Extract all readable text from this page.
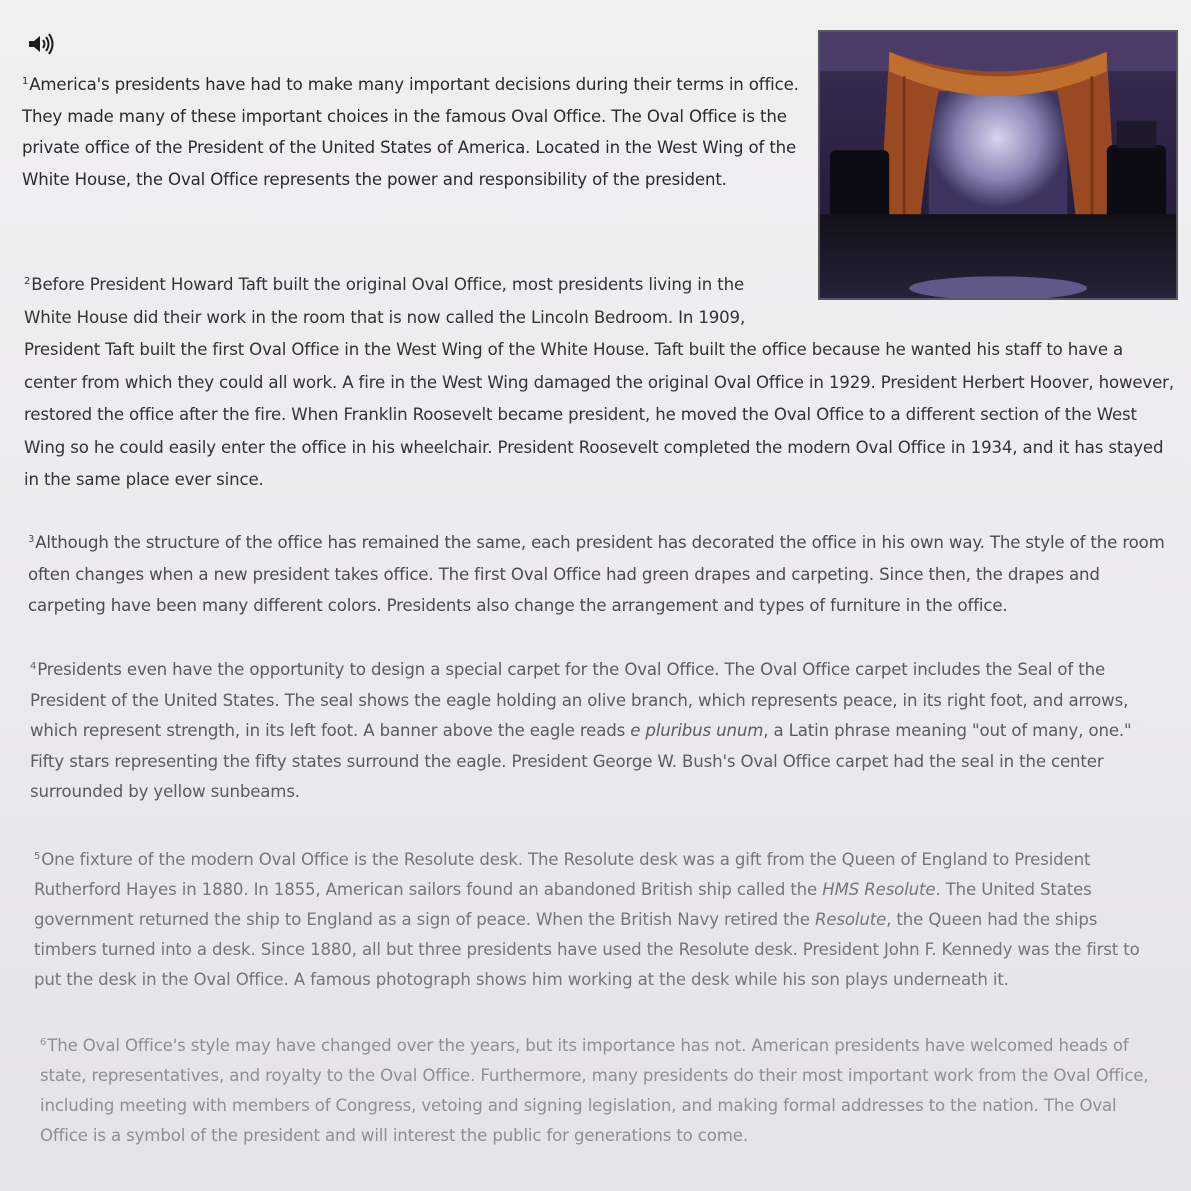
$^1$America's presidents have had to make many important decisions during their terms in office. They made many of these important choices in the famous Oval Office. The Oval Office is the private office of the President of the United States of America. Located in the West Wing of the White House, the Oval Office represents the power and responsibility of the president.

$^2$Before President Howard Taft built the original Oval Office, most presidents living in the
White House did their work in the room that is now called the Lincoln Bedroom. In 1909,
President Taft built the first Oval Office in the West Wing of the White House. Taft built the office because he wanted his staff to have a center from which they could all work. A fire in the West Wing damaged the original Oval Office in 1929. President Herbert Hoover, however, restored the office after the fire. When Franklin Roosevelt became president, he moved the Oval Office to a different section of the West Wing so he could easily enter the office in his wheelchair. President Roosevelt completed the modern Oval Office in 1934, and it has stayed in the same place ever since.

$^3$Although the structure of the office has remained the same, each president has decorated the office in his own way. The style of the room often changes when a new president takes office. The first Oval Office had green drapes and carpeting. Since then, the drapes and carpeting have been many different colors. Presidents also change the arrangement and types of furniture in the office.

$^4$Presidents even have the opportunity to design a special carpet for the Oval Office. The Oval Office carpet includes the Seal of the President of the United States. The seal shows the eagle holding an olive branch, which represents peace, in its right foot, and arrows, which represent strength, in its left foot. A banner above the eagle reads e pluribus unum, a Latin phrase meaning "out of many, one." Fifty stars representing the fifty states surround the eagle. President George W. Bush's Oval Office carpet had the seal in the center surrounded by yellow sunbeams.

$^5$One fixture of the modern Oval Office is the Resolute desk. The Resolute desk was a gift from the Queen of England to President Rutherford Hayes in 1880. In 1855, American sailors found an abandoned British ship called the HMS Resolute. The United States government returned the ship to England as a sign of peace. When the British Navy retired the Resolute, the Queen had the ships timbers turned into a desk. Since 1880, all but three presidents have used the Resolute desk. President John F. Kennedy was the first to put the desk in the Oval Office. A famous photograph shows him working at the desk while his son plays underneath it.

$^6$The Oval Office's style may have changed over the years, but its importance has not. American presidents have welcomed heads of state, representatives, and royalty to the Oval Office. Furthermore, many presidents do their most important work from the Oval Office, including meeting with members of Congress, vetoing and signing legislation, and making formal addresses to the nation. The Oval Office is a symbol of the president and will interest the public for generations to come.
